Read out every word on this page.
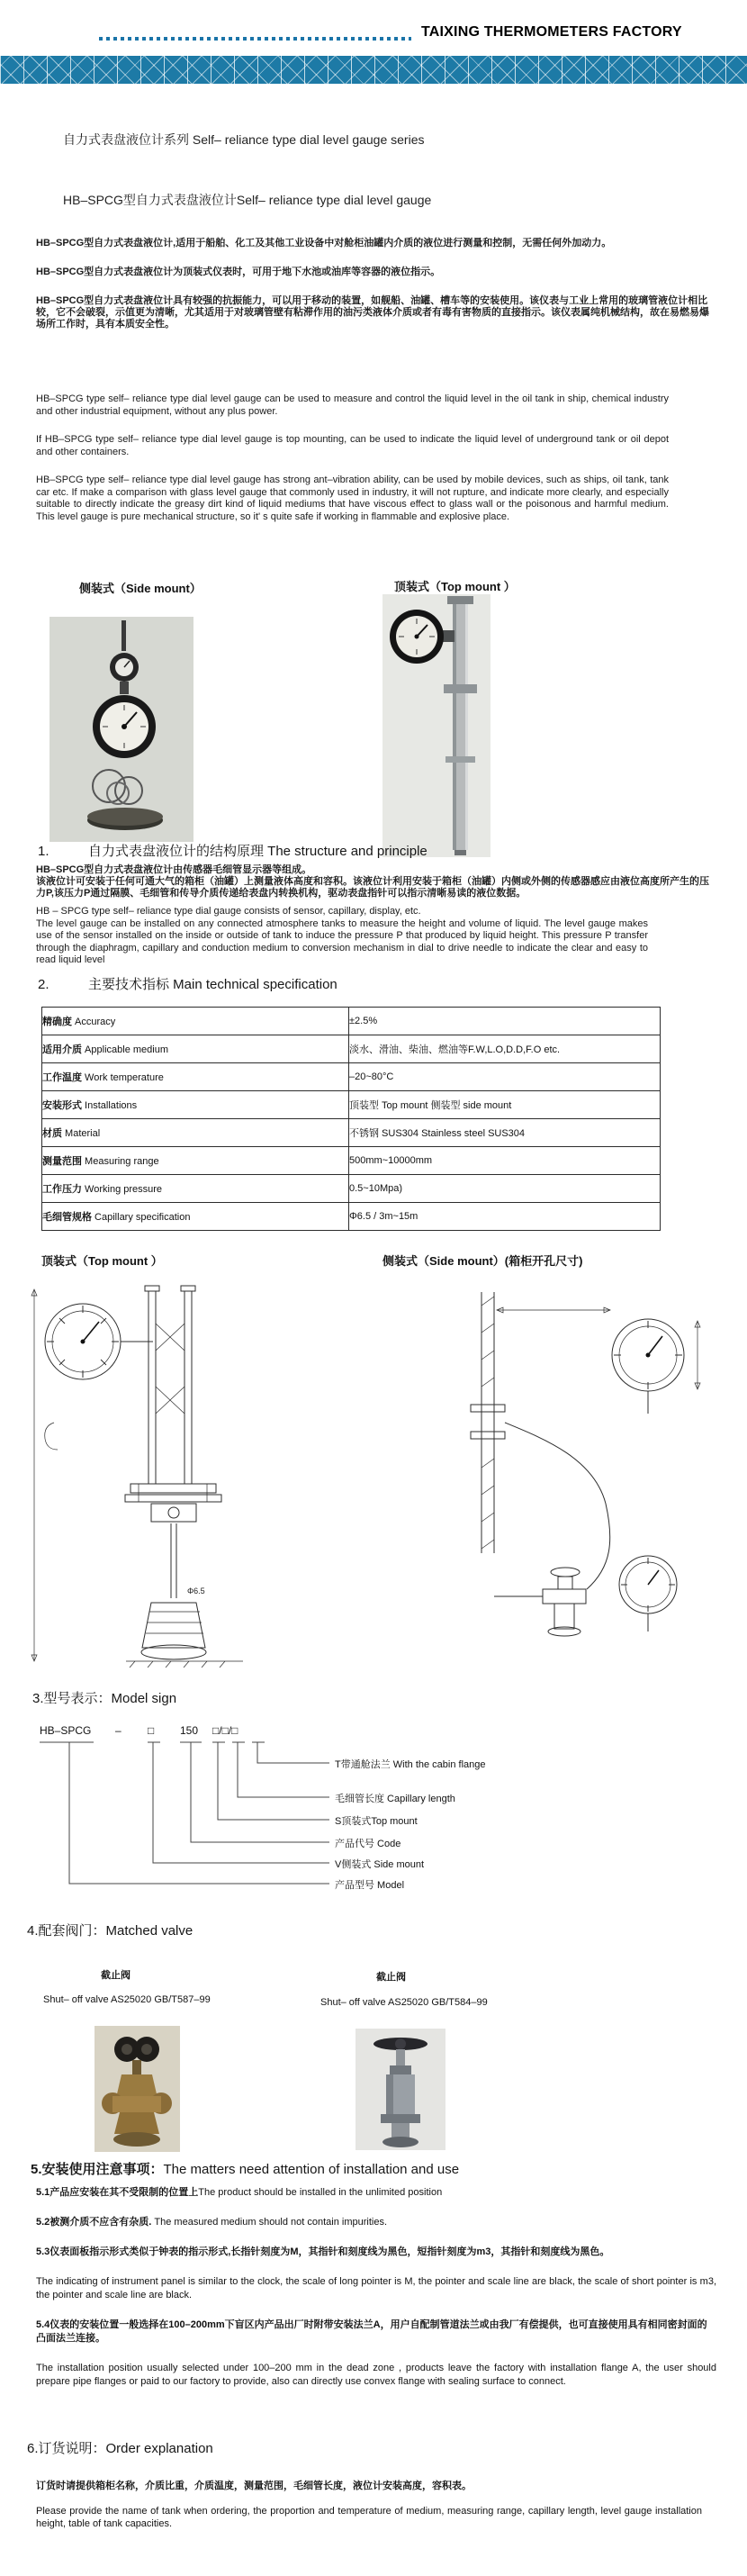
TAIXING THERMOMETERS FACTORY
自力式表盘液位计系列 Self– reliance type dial level gauge series
HB–SPCG型自力式表盘液位计Self– reliance type dial level gauge

HB–SPCG型自力式表盘液位计,适用于船舶、化工及其他工业设备中对舱柜油罐内介质的液位进行测量和控制，无需任何外加动力。

HB–SPCG型自力式表盘液位计为顶装式仪表时，可用于地下水池或油库等容器的液位指示。

HB–SPCG型自力式表盘液位计具有较强的抗振能力，可以用于移动的装置，如舰船、油罐、槽车等的安装使用。该仪表与工业上常用的玻璃管液位计相比较，它不会破裂，示值更为清晰，尤其适用于对玻璃管壁有粘滞作用的油污类液体介质或者有毒有害物质的直接指示。该仪表属纯机械结构，故在易燃易爆场所工作时，具有本质安全性。

HB–SPCG type self– reliance type dial level gauge can be used to measure and control the liquid level in the oil tank in ship, chemical industry and other industrial equipment, without any plus power.

If HB–SPCG type self– reliance type dial level gauge is top mounting, can be used to indicate the liquid level of underground tank or oil depot and other containers.

HB–SPCG type self– reliance type dial level gauge has strong ant–vibration ability, can be used by mobile devices, such as ships, oil tank, tank car etc. If make a comparison with glass level gauge that commonly used in industry, it will not rupture, and indicate more clearly, and especially suitable to directly indicate the greasy dirt kind of liquid mediums that have viscous effect to glass wall or the poisonous and harmful medium. This level gauge is pure mechanical structure, so it' s quite safe if working in flammable and explosive place.

侧装式（Side mount）	顶装式（Top mount ）
1.	自力式表盘液位计的结构原理 The structure and principle

HB–SPCG型自力式表盘液位计由传感器毛细管显示器等组成。

该液位计可安装于任何可通大气的箱柜（油罐）上测量液体高度和容积。该液位计利用安装于箱柜（油罐）内侧或外侧的传感器感应由液位高度所产生的压力P,该压力P通过隔膜、毛细管和传导介质传递给表盘内转换机构，驱动表盘指针可以指示清晰易读的液位数据。

HB – SPCG type self– reliance type dial gauge consists of sensor, capillary, display, etc.

The level gauge can be installed on any connected atmosphere tanks to measure the height and volume of liquid. The level gauge makes use of the sensor installed on the inside or outside of tank to induce the pressure P that produced by liquid height. This pressure P transfer through the diaphragm, capillary and conduction medium to conversion mechanism in dial to drive needle to indicate the clear and easy to read liquid level

2.	主要技术指标 Main technical specification
精确度 Accuracy	±2.5%
适用介质 Applicable medium	淡水、滑油、柴油、燃油等F.W,L.O,D.D,F.O etc.
工作温度 Work temperature	–20~80°C
安装形式 Installations	顶装型 Top mount 侧装型 side mount
材质 Material	不锈钢 SUS304 Stainless steel SUS304
测量范围 Measuring range	500mm~10000mm
工作压力 Working pressure	0.5~10Mpa)
毛细管规格 Capillary specification	Φ6.5 / 3m~15m
顶装式（Top mount ）	侧装式（Side mount）(箱柜开孔尺寸)
Φ6.5
3.型号表示：Model sign
HB–SPCG – □ 150 □/□/□
T带通舱法兰 With the cabin flange
毛细管长度 Capillary length
S顶装式Top mount
产品代号 Code
V侧装式 Side mount
产品型号 Model
4.配套阀门：Matched valve
截止阀	截止阀
Shut– off valve AS25020 GB/T587–99	Shut– off valve AS25020 GB/T584–99
5.安装使用注意事项：The matters need attention of installation and use

5.1产品应安装在其不受限制的位置上The product should be installed in the unlimited position

5.2被测介质不应含有杂质. The measured medium should not contain impurities.

5.3仪表面板指示形式类似于钟表的指示形式,长指针刻度为M，其指针和刻度线为黑色，短指针刻度为m3，其指针和刻度线为黑色。

The indicating of instrument panel is similar to the clock, the scale of long pointer is M, the pointer and scale line are black, the scale of short pointer is m3, the pointer and scale line are black.

5.4仪表的安装位置一般选择在100–200mm下盲区内产品出厂时附带安装法兰A，用户自配制管道法兰或由我厂有偿提供，也可直接使用具有相同密封面的凸面法兰连接。

The installation position usually selected under 100–200 mm in the dead zone , products leave the factory with installation flange A, the user should prepare pipe flanges or paid to our factory to provide, also can directly use convex flange with sealing surface to connect.

6.订货说明：Order explanation
订货时请提供箱柜名称，介质比重，介质温度，测量范围，毛细管长度，液位计安装高度，容积表。
Please provide the name of tank when ordering, the proportion and temperature of medium, measuring range, capillary length, level gauge installation height, table of tank capacities.
